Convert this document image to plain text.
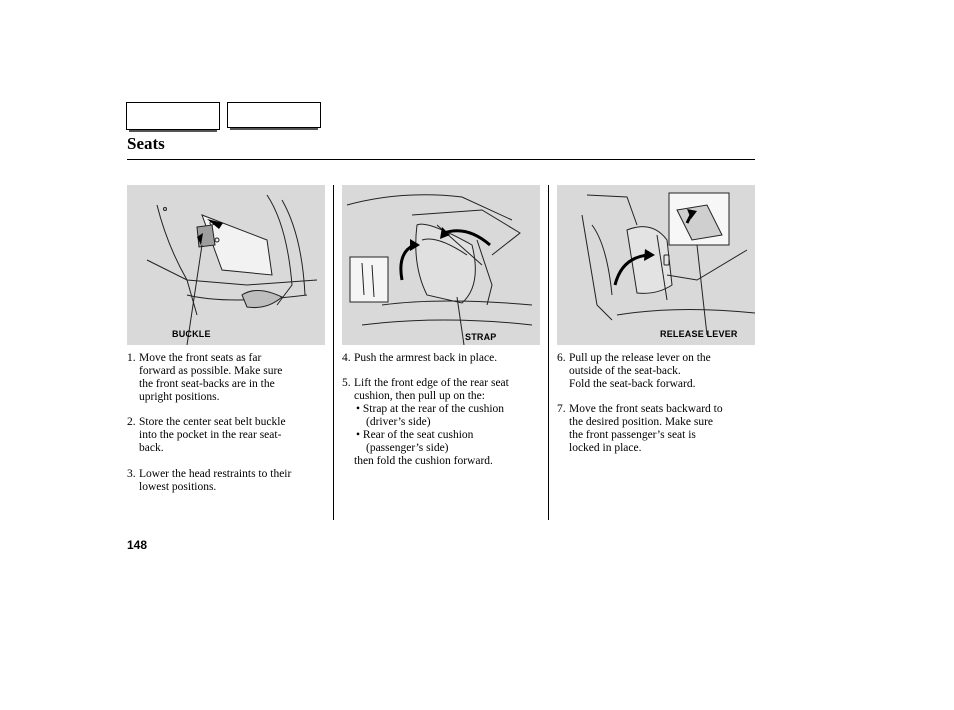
Seats
BUCKLE	STRAP	RELEASE LEVER
1. Move the front seats as far
forward as possible. Make sure
the front seat-backs are in the
upright positions.
2. Store the center seat belt buckle
into the pocket in the rear seat-
back.
3. Lower the head restraints to their
lowest positions.
4. Push the armrest back in place.
5. Lift the front edge of the rear seat
cushion, then pull up on the:
• Strap at the rear of the cushion
(driver’s side)
• Rear of the seat cushion
(passenger’s side)
then fold the cushion forward.
6. Pull up the release lever on the
outside of the seat-back.
Fold the seat-back forward.
7. Move the front seats backward to
the desired position. Make sure
the front passenger’s seat is
locked in place.
148
